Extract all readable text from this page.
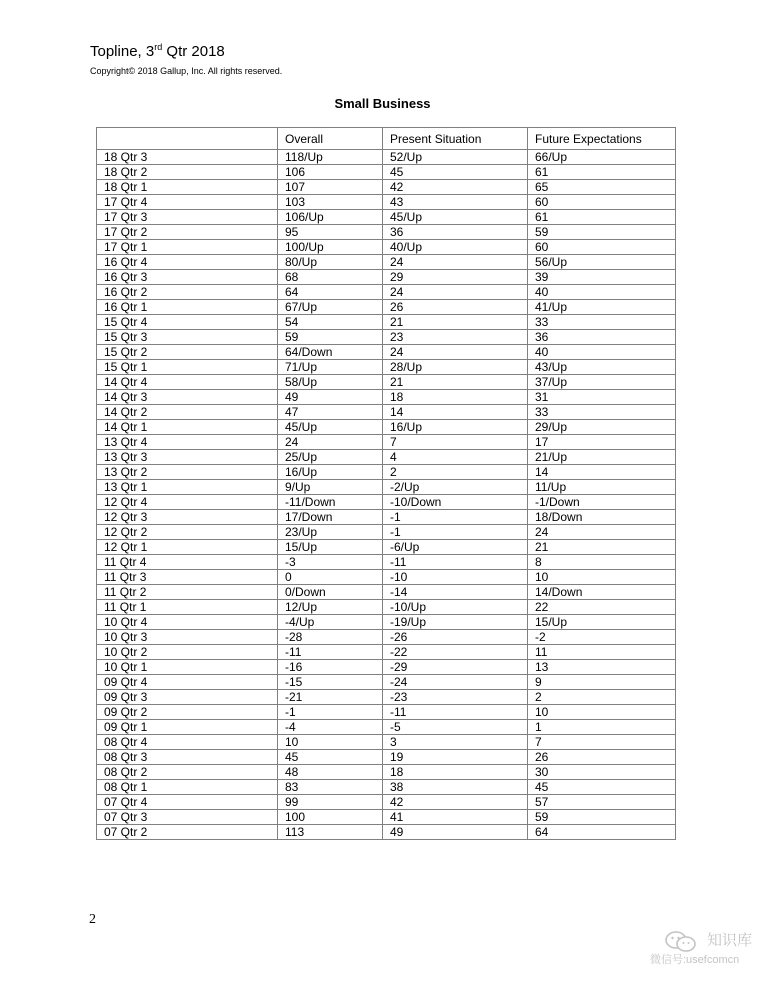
Topline, 3rd Qtr 2018
Copyright© 2018 Gallup, Inc. All rights reserved.
Small Business
	Overall	Present Situation	Future Expectations
18 Qtr 3	118/Up	52/Up	66/Up
18 Qtr 2	106	45	61
18 Qtr 1	107	42	65
17 Qtr 4	103	43	60
17 Qtr 3	106/Up	45/Up	61
17 Qtr 2	95	36	59
17 Qtr 1	100/Up	40/Up	60
16 Qtr 4	80/Up	24	56/Up
16 Qtr 3	68	29	39
16 Qtr 2	64	24	40
16 Qtr 1	67/Up	26	41/Up
15 Qtr 4	54	21	33
15 Qtr 3	59	23	36
15 Qtr 2	64/Down	24	40
15 Qtr 1	71/Up	28/Up	43/Up
14 Qtr 4	58/Up	21	37/Up
14 Qtr 3	49	18	31
14 Qtr 2	47	14	33
14 Qtr 1	45/Up	16/Up	29/Up
13 Qtr 4	24	7	17
13 Qtr 3	25/Up	4	21/Up
13 Qtr 2	16/Up	2	14
13 Qtr 1	9/Up	-2/Up	11/Up
12 Qtr 4	-11/Down	-10/Down	-1/Down
12 Qtr 3	17/Down	-1	18/Down
12 Qtr 2	23/Up	-1	24
12 Qtr 1	15/Up	-6/Up	21
11 Qtr 4	-3	-11	8
11 Qtr 3	0	-10	10
11 Qtr 2	0/Down	-14	14/Down
11 Qtr 1	12/Up	-10/Up	22
10 Qtr 4	-4/Up	-19/Up	15/Up
10 Qtr 3	-28	-26	-2
10 Qtr 2	-11	-22	11
10 Qtr 1	-16	-29	13
09 Qtr 4	-15	-24	9
09 Qtr 3	-21	-23	2
09 Qtr 2	-1	-11	10
09 Qtr 1	-4	-5	1
08 Qtr 4	10	3	7
08 Qtr 3	45	19	26
08 Qtr 2	48	18	30
08 Qtr 1	83	38	45
07 Qtr 4	99	42	57
07 Qtr 3	100	41	59
07 Qtr 2	113	49	64
2
知识库
微信号:usefcomcn
